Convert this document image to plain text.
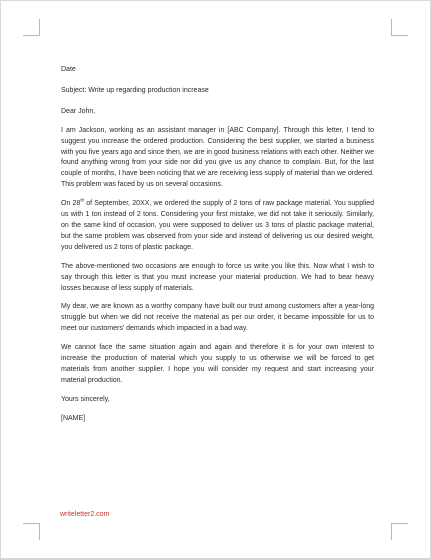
Date

Subject: Write up regarding production increase

Dear John,

I am Jackson, working as an assistant manager in [ABC Company]. Through this letter, I tend to suggest you increase the ordered production. Considering the best supplier, we started a business with you five years ago and since then, we are in good business relations with each other. Neither we found anything wrong from your side nor did you give us any chance to complain. But, for the last couple of months, I have been noticing that we are receiving less supply of material than we ordered. This problem was faced by us on several occasions.

On 28th of September, 20XX, we ordered the supply of 2 tons of raw package material. You supplied us with 1 ton instead of 2 tons. Considering your first mistake, we did not take it seriously. Similarly, on the same kind of occasion, you were supposed to deliver us 3 tons of plastic package material, but the same problem was observed from your side and instead of delivering us our desired weight, you delivered us 2 tons of plastic package.

The above-mentioned two occasions are enough to force us write you like this. Now what I wish to say through this letter is that you must increase your material production. We had to bear heavy losses because of less supply of materials.

My dear, we are known as a worthy company have built our trust among customers after a year-long struggle but when we did not receive the material as per our order, it became impossible for us to meet our customers' demands which impacted in a bad way.

We cannot face the same situation again and again and therefore it is for your own interest to increase the production of material which you supply to us otherwise we will be forced to get materials from another supplier. I hope you will consider my request and start increasing your material production.

Yours sincerely,

[NAME]

writeletter2.com
